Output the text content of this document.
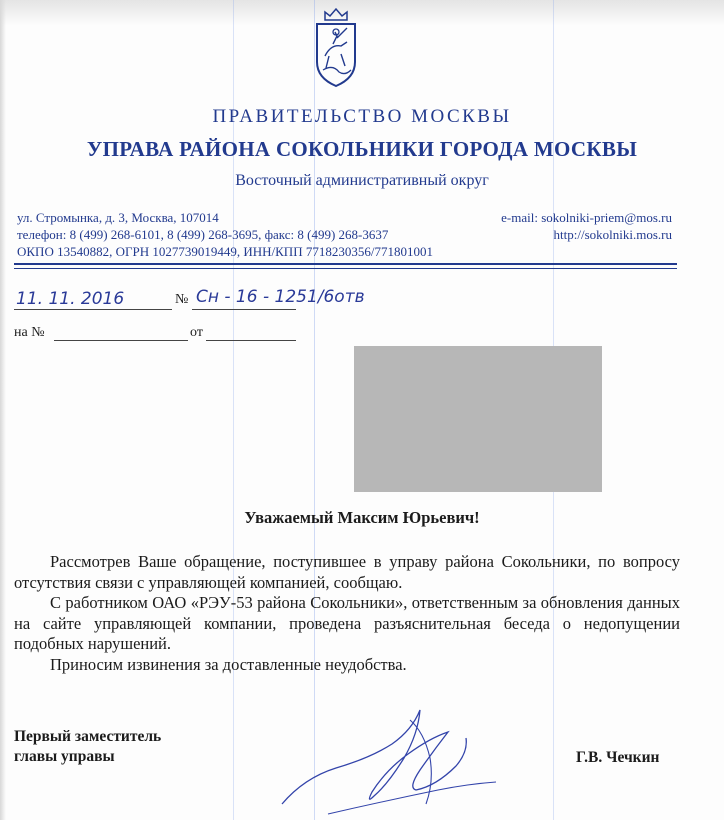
ПРАВИТЕЛЬСТВО МОСКВЫ
УПРАВА РАЙОНА СОКОЛЬНИКИ ГОРОДА МОСКВЫ
Восточный административный округ
ул. Стромынка, д. 3, Москва, 107014
телефон: 8 (499) 268-6101, 8 (499) 268-3695, факс: 8 (499) 268-3637
ОКПО 13540882, ОГРН 1027739019449, ИНН/КПП 7718230356/771801001
e-mail: sokolniki-priem@mos.ru
http://sokolniki.mos.ru
11. 11. 2016	№ Сн - 16 - 1251/6отв
на №	от
Уважаемый Максим Юрьевич!

Рассмотрев Ваше обращение, поступившее в управу района Сокольники, по вопросу отсутствия связи с управляющей компанией, сообщаю.

С работником ОАО «РЭУ-53 района Сокольники», ответственным за обновления данных на сайте управляющей компании, проведена разъяснительная беседа о недопущении подобных нарушений.

Приносим извинения за доставленные неудобства.

Первый заместитель
главы управы	Г.В. Чечкин
